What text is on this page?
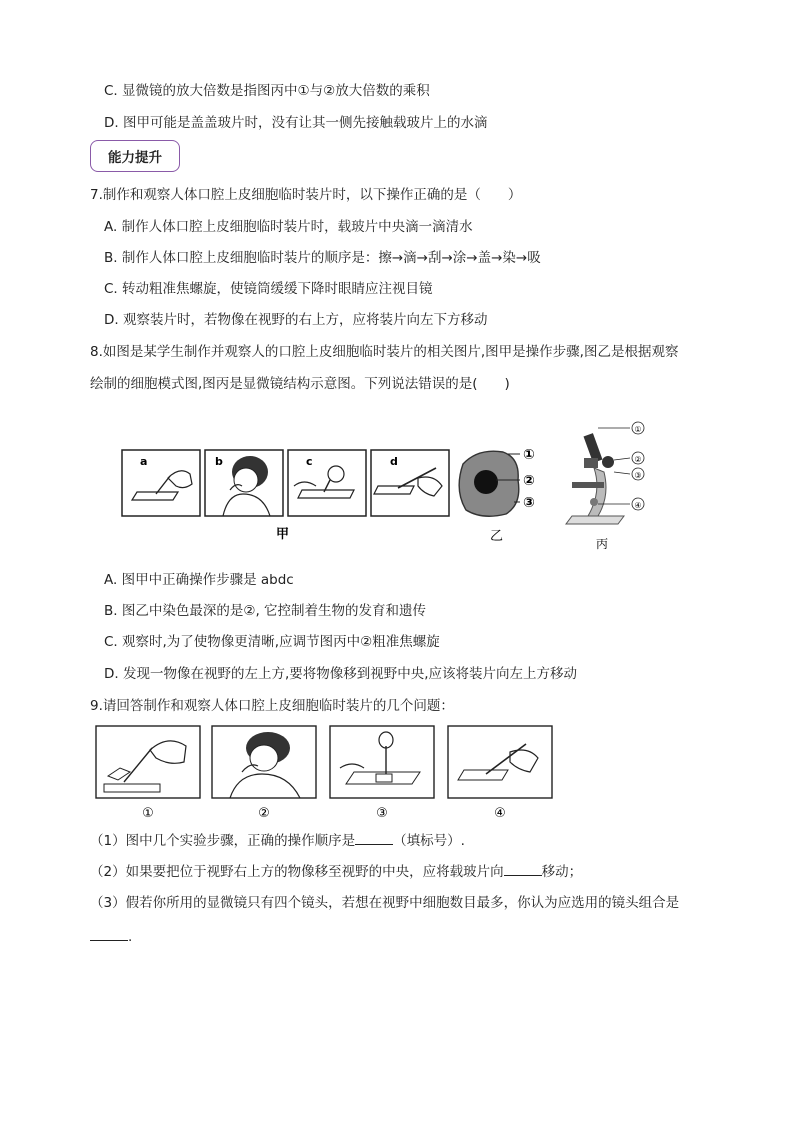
C. 显微镜的放大倍数是指图丙中①与②放大倍数的乘积
D. 图甲可能是盖盖玻片时，没有让其一侧先接触载玻片上的水滴
能力提升
7.制作和观察人体口腔上皮细胞临时装片时，以下操作正确的是（　　）
A. 制作人体口腔上皮细胞临时装片时，载玻片中央滴一滴清水
B. 制作人体口腔上皮细胞临时装片的顺序是：擦→滴→刮→涂→盖→染→吸
C. 转动粗准焦螺旋，使镜筒缓缓下降时眼睛应注视目镜
D. 观察装片时，若物像在视野的右上方，应将装片向左下方移动
8.如图是某学生制作并观察人的口腔上皮细胞临时装片的相关图片,图甲是操作步骤,图乙是根据观察
绘制的细胞模式图,图丙是显微镜结构示意图。下列说法错误的是(　　)
a	b	c	d	①
②
③
①
②
③
④
甲	乙	丙
A. 图甲中正确操作步骤是 abdc
B. 图乙中染色最深的是②, 它控制着生物的发育和遗传
C. 观察时,为了使物像更清晰,应调节图丙中②粗准焦螺旋
D. 发现一物像在视野的左上方,要将物像移到视野中央,应该将装片向左上方移动
9.请回答制作和观察人体口腔上皮细胞临时装片的几个问题：
①	②	③	④
（1）图中几个实验步骤，正确的操作顺序是	（填标号）.
（2）如果要把位于视野右上方的物像移至视野的中央，应将载玻片向	移动；
（3）假若你所用的显微镜只有四个镜头，若想在视野中细胞数目最多，你认为应选用的镜头组合是
.
